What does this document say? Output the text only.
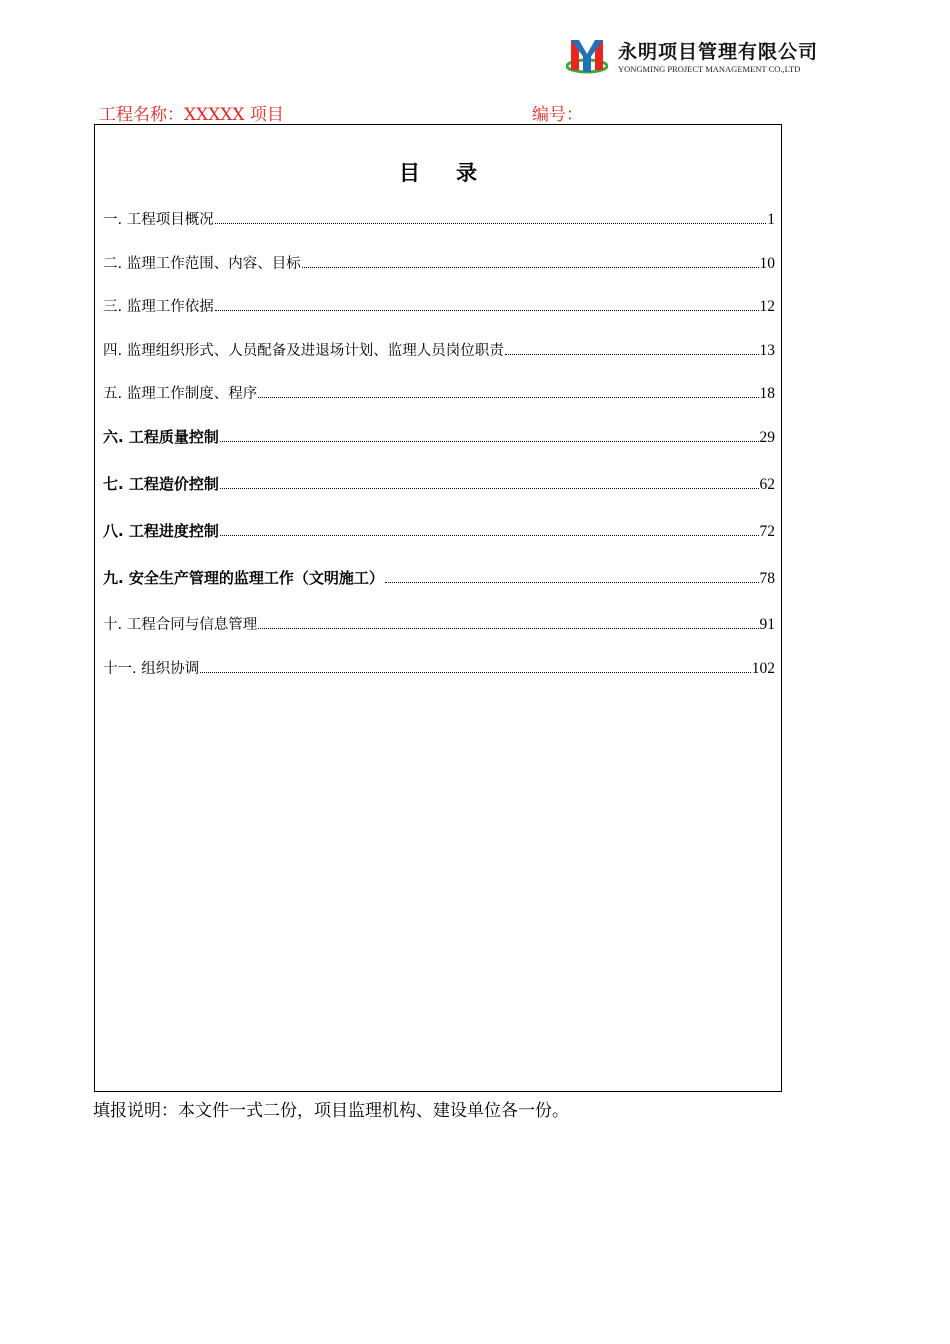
永明项目管理有限公司
YONGMING PROJECT MANAGEMENT CO.,LTD
工程名称：XXXXX 项目	编号：
目录
一. 工程项目概况	1
二. 监理工作范围、内容、目标	10
三. 监理工作依据	12
四. 监理组织形式、人员配备及进退场计划、监理人员岗位职责	13
五. 监理工作制度、程序	18
六. 工程质量控制	29
七. 工程造价控制	62
八. 工程进度控制	72
九. 安全生产管理的监理工作（文明施工）	78
十. 工程合同与信息管理	91
十一. 组织协调	102
填报说明：本文件一式二份，项目监理机构、建设单位各一份。
